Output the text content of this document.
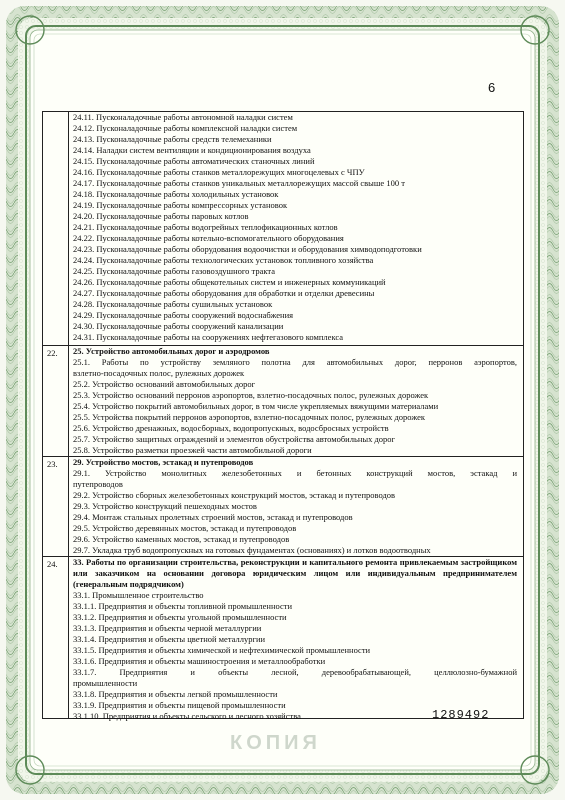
6
24.11. Пусконаладочные работы автономной наладки систем
24.12. Пусконаладочные работы комплексной наладки систем
24.13. Пусконаладочные работы средств телемеханики
24.14. Наладки систем вентиляции и кондиционирования воздуха
24.15. Пусконаладочные работы автоматических станочных линий
24.16. Пусконаладочные работы станков металлорежущих многоцелевых с ЧПУ
24.17. Пусконаладочные работы станков уникальных металлорежущих массой свыше 100 т
24.18. Пусконаладочные работы холодильных установок
24.19. Пусконаладочные работы компрессорных установок
24.20. Пусконаладочные работы паровых котлов
24.21. Пусконаладочные работы водогрейных теплофикационных котлов
24.22. Пусконаладочные работы котельно-вспомогательного оборудования
24.23. Пусконаладочные работы оборудования водоочистки и оборудования химводоподготовки
24.24. Пусконаладочные работы технологических установок топливного хозяйства
24.25. Пусконаладочные работы газовоздушного тракта
24.26. Пусконаладочные работы общекотельных систем и инженерных коммуникаций
24.27. Пусконаладочные работы оборудования для обработки и отделки древесины
24.28. Пусконаладочные работы сушильных установок
24.29. Пусконаладочные работы сооружений водоснабжения
24.30. Пусконаладочные работы сооружений канализации
24.31. Пусконаладочные работы на сооружениях нефтегазового комплекса
22. 25. Устройство автомобильных дорог и аэродромов
25.1. Работы по устройству земляного полотна для автомобильных дорог, перронов аэропортов,
взлетно-посадочных полос, рулежных дорожек
25.2. Устройство оснований автомобильных дорог
25.3. Устройство оснований перронов аэропортов, взлетно-посадочных полос, рулежных дорожек
25.4. Устройство покрытий автомобильных дорог, в том числе укрепляемых вяжущими материалами
25.5. Устройства покрытий перронов аэропортов, взлетно-посадочных полос, рулежных дорожек
25.6. Устройство дренажных, водосборных, водопропускных, водосбросных устройств
25.7. Устройство защитных ограждений и элементов обустройства автомобильных дорог
25.8. Устройство разметки проезжей части автомобильной дороги
23. 29. Устройство мостов, эстакад и путепроводов
29.1. Устройство монолитных железобетонных и бетонных конструкций мостов, эстакад и
путепроводов
29.2. Устройство сборных железобетонных конструкций мостов, эстакад и путепроводов
29.3. Устройство конструкций пешеходных мостов
29.4. Монтаж стальных пролетных строений мостов, эстакад и путепроводов
29.5. Устройство деревянных мостов, эстакад и путепроводов
29.6. Устройство каменных мостов, эстакад и путепроводов
29.7. Укладка труб водопропускных на готовых фундаментах (основаниях) и лотков водоотводных
24. 33. Работы по организации строительства, реконструкции и капитального ремонта привлекаемым застройщиком или заказчиком на основании договора юридическим лицом или индивидуальным предпринимателем (генеральным подрядчиком)
33.1. Промышленное строительство
33.1.1. Предприятия и объекты топливной промышленности
33.1.2. Предприятия и объекты угольной промышленности
33.1.3. Предприятия и объекты черной металлургии
33.1.4. Предприятия и объекты цветной металлургии
33.1.5. Предприятия и объекты химической и нефтехимической промышленности
33.1.6. Предприятия и объекты машиностроения и металлообработки
33.1.7. Предприятия и объекты лесной, деревообрабатывающей, целлюлозно-бумажной
промышленности
33.1.8. Предприятия и объекты легкой промышленности
33.1.9. Предприятия и объекты пищевой промышленности
33.1.10. Предприятия и объекты сельского и лесного хозяйства	1289492
КОПИЯ
